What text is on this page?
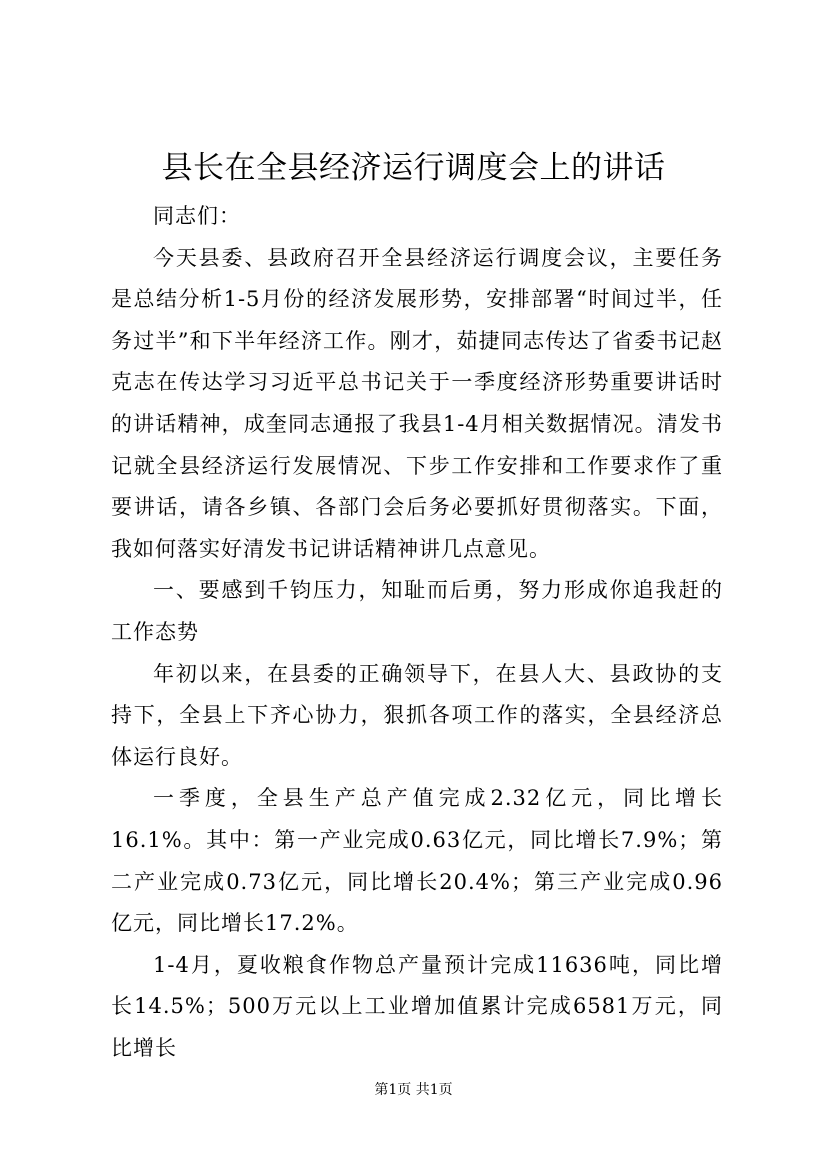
县长在全县经济运行调度会上的讲话

同志们：

今天县委、县政府召开全县经济运行调度会议，主要任务是总结分析1-5月份的经济发展形势，安排部署“时间过半，任务过半”和下半年经济工作。刚才，茹捷同志传达了省委书记赵克志在传达学习习近平总书记关于一季度经济形势重要讲话时的讲话精神，成奎同志通报了我县1-4月相关数据情况。清发书记就全县经济运行发展情况、下步工作安排和工作要求作了重要讲话，请各乡镇、各部门会后务必要抓好贯彻落实。下面，我如何落实好清发书记讲话精神讲几点意见。

一、要感到千钧压力，知耻而后勇，努力形成你追我赶的工作态势

年初以来，在县委的正确领导下，在县人大、县政协的支持下，全县上下齐心协力，狠抓各项工作的落实，全县经济总体运行良好。

一季度，全县生产总产值完成2.32亿元，同比增长16.1%。其中：第一产业完成0.63亿元，同比增长7.9%；第二产业完成0.73亿元，同比增长20.4%；第三产业完成0.96亿元，同比增长17.2%。

1-4月，夏收粮食作物总产量预计完成11636吨，同比增长14.5%；500万元以上工业增加值累计完成6581万元，同比增长

第1页 共1页
